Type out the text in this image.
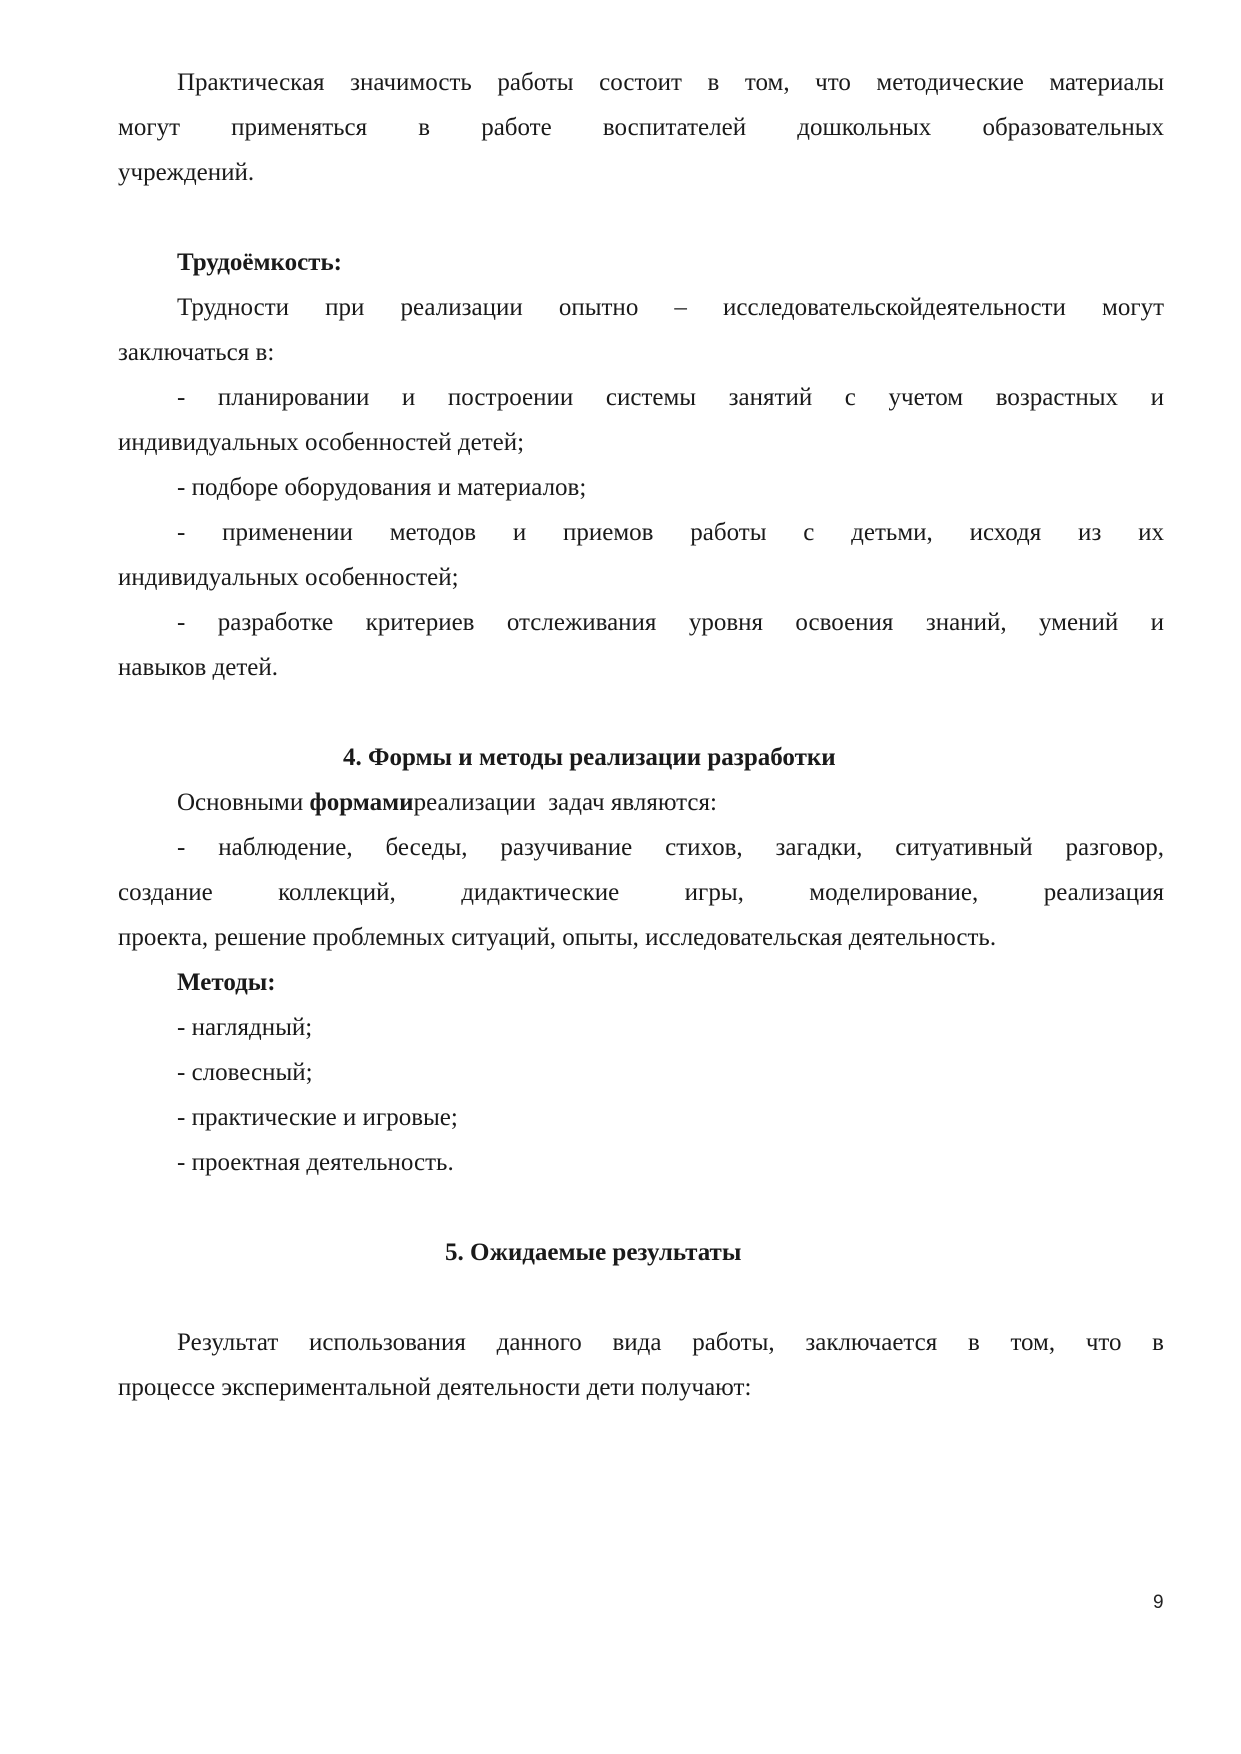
Практическая значимость работы состоит в том, что методические материалы
могут применяться в работе воспитателей дошкольных образовательных
учреждений.
Трудоёмкость:
Трудности при реализации опытно – исследовательскойдеятельности могут
заключаться в:
- планировании и построении системы занятий с учетом возрастных и
индивидуальных особенностей детей;
- подборе оборудования и материалов;
- применении методов и приемов работы с детьми, исходя из их
индивидуальных особенностей;
- разработке критериев отслеживания уровня освоения знаний, умений и
навыков детей.
4. Формы и методы реализации разработки
Основными формамиреализации  задач являются:
- наблюдение, беседы, разучивание стихов, загадки, ситуативный разговор,
создание коллекций, дидактические игры, моделирование, реализация
проекта, решение проблемных ситуаций, опыты, исследовательская деятельность.
Методы:
- наглядный;
- словесный;
- практические и игровые;
- проектная деятельность.
5. Ожидаемые результаты
Результат использования данного вида работы, заключается в том, что в
процессе экспериментальной деятельности дети получают:
9
